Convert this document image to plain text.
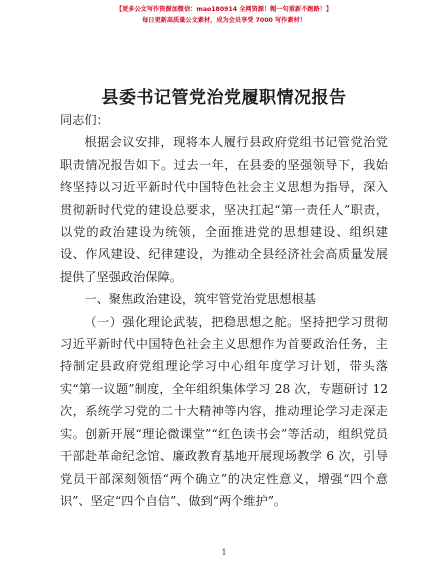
【更多公文写作资源加微信：mao180914 全网资源！帽一句重新不跑路！】
每日更新高质量公文素材，成为会员享受 7000 写作素材！
县委书记管党治党履职情况报告

同志们：

根据会议安排，现将本人履行县政府党组书记管党治党职责情况报告如下。过去一年，在县委的坚强领导下，我始终坚持以习近平新时代中国特色社会主义思想为指导，深入贯彻新时代党的建设总要求，坚决扛起“第一责任人”职责，以党的政治建设为统领，全面推进党的思想建设、组织建设、作风建设、纪律建设，为推动全县经济社会高质量发展提供了坚强政治保障。

一、聚焦政治建设，筑牢管党治党思想根基

（一）强化理论武装，把稳思想之舵。坚持把学习贯彻习近平新时代中国特色社会主义思想作为首要政治任务，主持制定县政府党组理论学习中心组年度学习计划，带头落实“第一议题”制度，全年组织集体学习 28 次，专题研讨 12 次，系统学习党的二十大精神等内容，推动理论学习走深走实。创新开展“理论微课堂”“红色读书会”等活动，组织党员干部赴革命纪念馆、廉政教育基地开展现场教学 6 次，引导党员干部深刻领悟“两个确立”的决定性意义，增强“四个意识”、坚定“四个自信”、做到“两个维护”。

1
